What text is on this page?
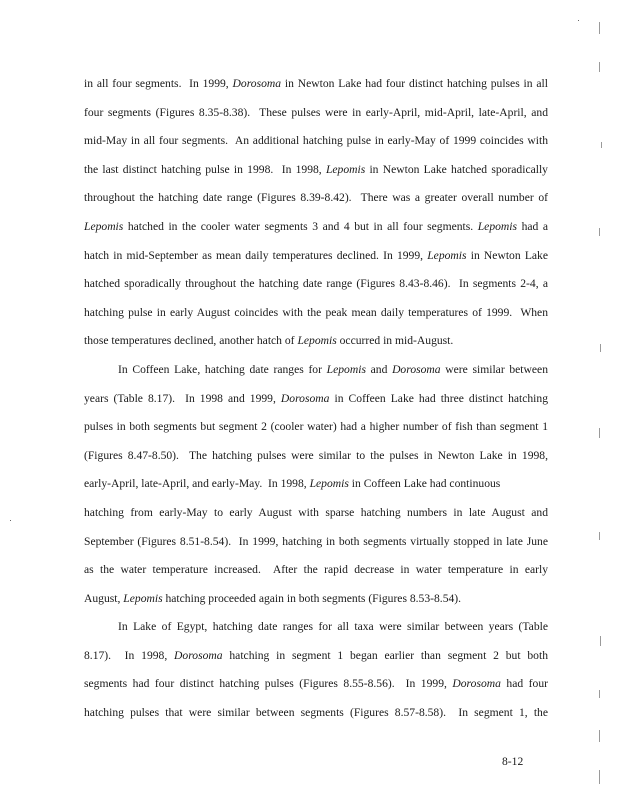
in all four segments.  In 1999, Dorosoma in Newton Lake had four distinct hatching pulses in all
four segments (Figures 8.35-8.38).  These pulses were in early-April, mid-April, late-April, and
mid-May in all four segments.  An additional hatching pulse in early-May of 1999 coincides with
the last distinct hatching pulse in 1998.  In 1998, Lepomis in Newton Lake hatched sporadically
throughout the hatching date range (Figures 8.39-8.42).  There was a greater overall number of
Lepomis hatched in the cooler water segments 3 and 4 but in all four segments. Lepomis had a
hatch in mid-September as mean daily temperatures declined. In 1999, Lepomis in Newton Lake
hatched sporadically throughout the hatching date range (Figures 8.43-8.46).  In segments 2-4, a
hatching pulse in early August coincides with the peak mean daily temperatures of 1999.  When
those temperatures declined, another hatch of Lepomis occurred in mid-August.
In Coffeen Lake, hatching date ranges for Lepomis and Dorosoma were similar between
years (Table 8.17).  In 1998 and 1999, Dorosoma in Coffeen Lake had three distinct hatching
pulses in both segments but segment 2 (cooler water) had a higher number of fish than segment 1
(Figures 8.47-8.50).  The hatching pulses were similar to the pulses in Newton Lake in 1998,
early-April, late-April, and early-May.  In 1998, Lepomis in Coffeen Lake had continuous
hatching from early-May to early August with sparse hatching numbers in late August and
September (Figures 8.51-8.54).  In 1999, hatching in both segments virtually stopped in late June
as the water temperature increased.  After the rapid decrease in water temperature in early
August, Lepomis hatching proceeded again in both segments (Figures 8.53-8.54).
In Lake of Egypt, hatching date ranges for all taxa were similar between years (Table
8.17).  In 1998, Dorosoma hatching in segment 1 began earlier than segment 2 but both
segments had four distinct hatching pulses (Figures 8.55-8.56).  In 1999, Dorosoma had four
hatching pulses that were similar between segments (Figures 8.57-8.58).  In segment 1, the
8-12
